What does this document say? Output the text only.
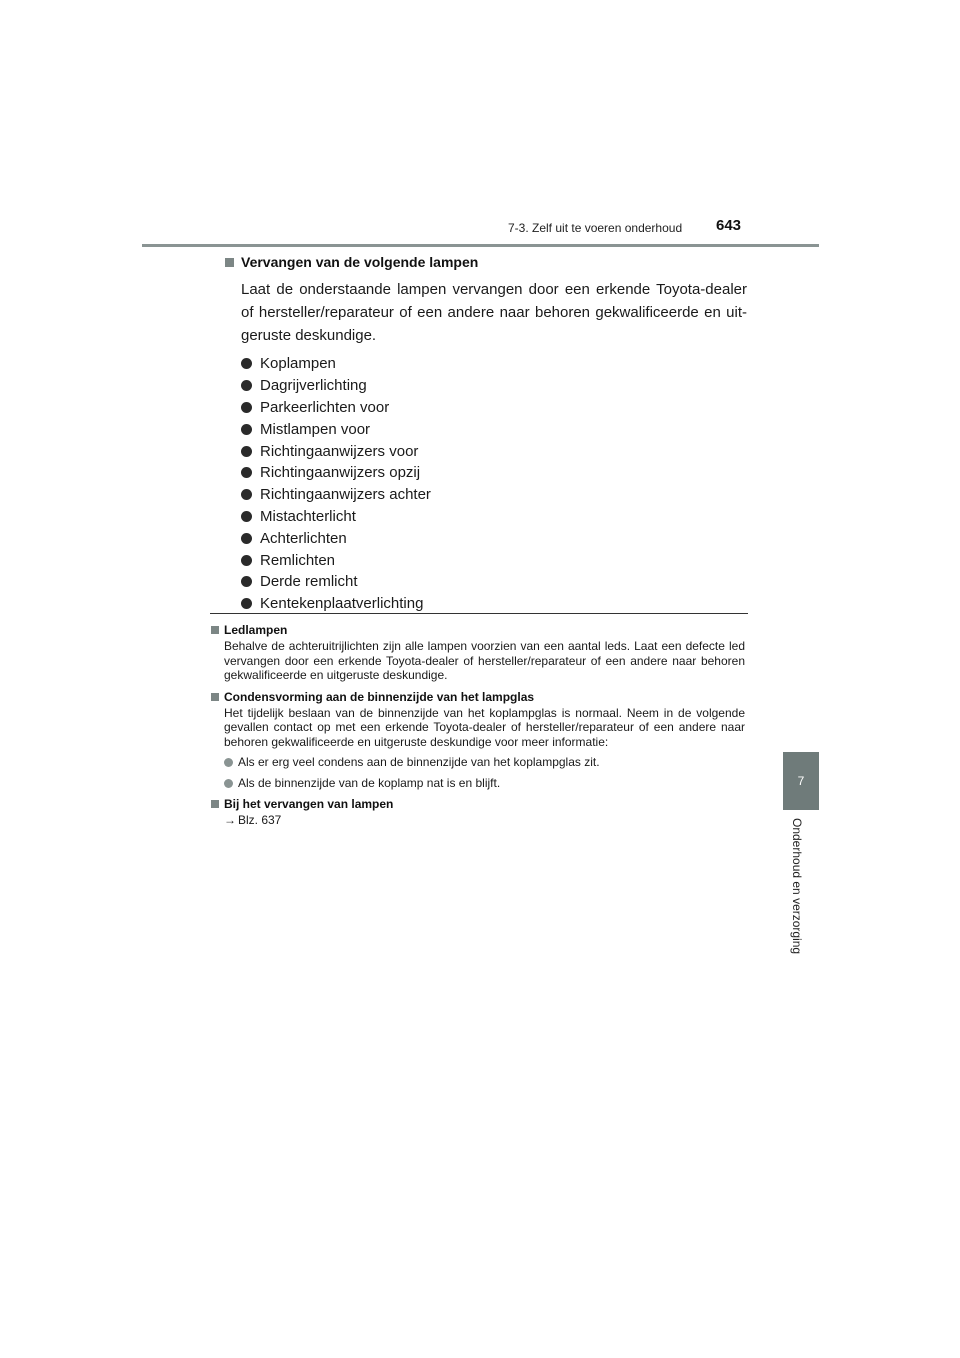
7-3. Zelf uit te voeren onderhoud 643
7
Onderhoud en verzorging
Vervangen van de volgende lampen

Laat de onderstaande lampen vervangen door een erkende Toyota-dealer of hersteller/reparateur of een andere naar behoren gekwalificeerde en uit-geruste deskundige.

Koplampen
Dagrijverlichting
Parkeerlichten voor
Mistlampen voor
Richtingaanwijzers voor
Richtingaanwijzers opzij
Richtingaanwijzers achter
Mistachterlicht
Achterlichten
Remlichten
Derde remlicht
Kentekenplaatverlichting
Ledlampen

Behalve de achteruitrijlichten zijn alle lampen voorzien van een aantal leds. Laat een defecte led vervangen door een erkende Toyota-dealer of hersteller/reparateur of een andere naar behoren gekwalificeerde en uitgeruste deskundige.

Condensvorming aan de binnenzijde van het lampglas

Het tijdelijk beslaan van de binnenzijde van het koplampglas is normaal. Neem in de volgende gevallen contact op met een erkende Toyota-dealer of hersteller/reparateur of een andere naar behoren gekwalificeerde en uitgeruste deskundige voor meer informatie:

Als er erg veel condens aan de binnenzijde van het koplampglas zit.
Als de binnenzijde van de koplamp nat is en blijft.
Bij het vervangen van lampen
→ Blz. 637
